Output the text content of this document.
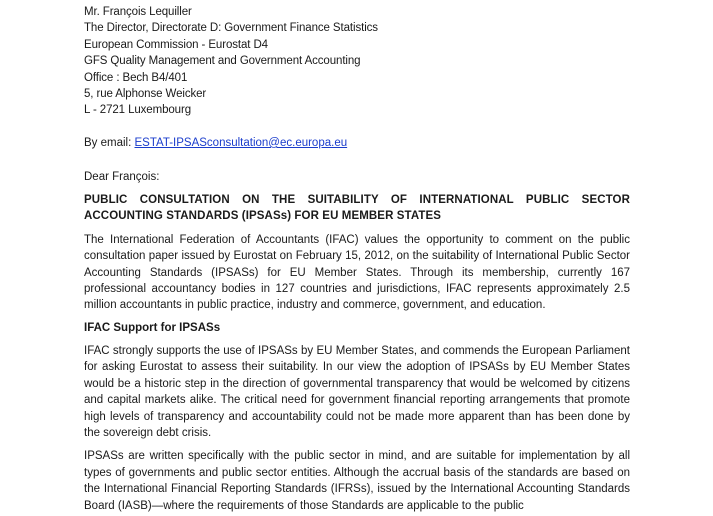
Mr. François Lequiller
The Director, Directorate D: Government Finance Statistics
European Commission - Eurostat D4
GFS Quality Management and Government Accounting
Office : Bech B4/401
5, rue Alphonse Weicker
L - 2721 Luxembourg
By email: ESTAT-IPSASconsultation@ec.europa.eu
Dear François:
PUBLIC CONSULTATION ON THE SUITABILITY OF INTERNATIONAL PUBLIC SECTOR ACCOUNTING STANDARDS (IPSASs) FOR EU MEMBER STATES
The International Federation of Accountants (IFAC) values the opportunity to comment on the public consultation paper issued by Eurostat on February 15, 2012, on the suitability of International Public Sector Accounting Standards (IPSASs) for EU Member States. Through its membership, currently 167 professional accountancy bodies in 127 countries and jurisdictions, IFAC represents approximately 2.5 million accountants in public practice, industry and commerce, government, and education.
IFAC Support for IPSASs
IFAC strongly supports the use of IPSASs by EU Member States, and commends the European Parliament for asking Eurostat to assess their suitability. In our view the adoption of IPSASs by EU Member States would be a historic step in the direction of governmental transparency that would be welcomed by citizens and capital markets alike. The critical need for government financial reporting arrangements that promote high levels of transparency and accountability could not be made more apparent than has been done by the sovereign debt crisis.
IPSASs are written specifically with the public sector in mind, and are suitable for implementation by all types of governments and public sector entities. Although the accrual basis of the standards are based on the International Financial Reporting Standards (IFRSs), issued by the International Accounting Standards Board (IASB)—where the requirements of those Standards are applicable to the public
